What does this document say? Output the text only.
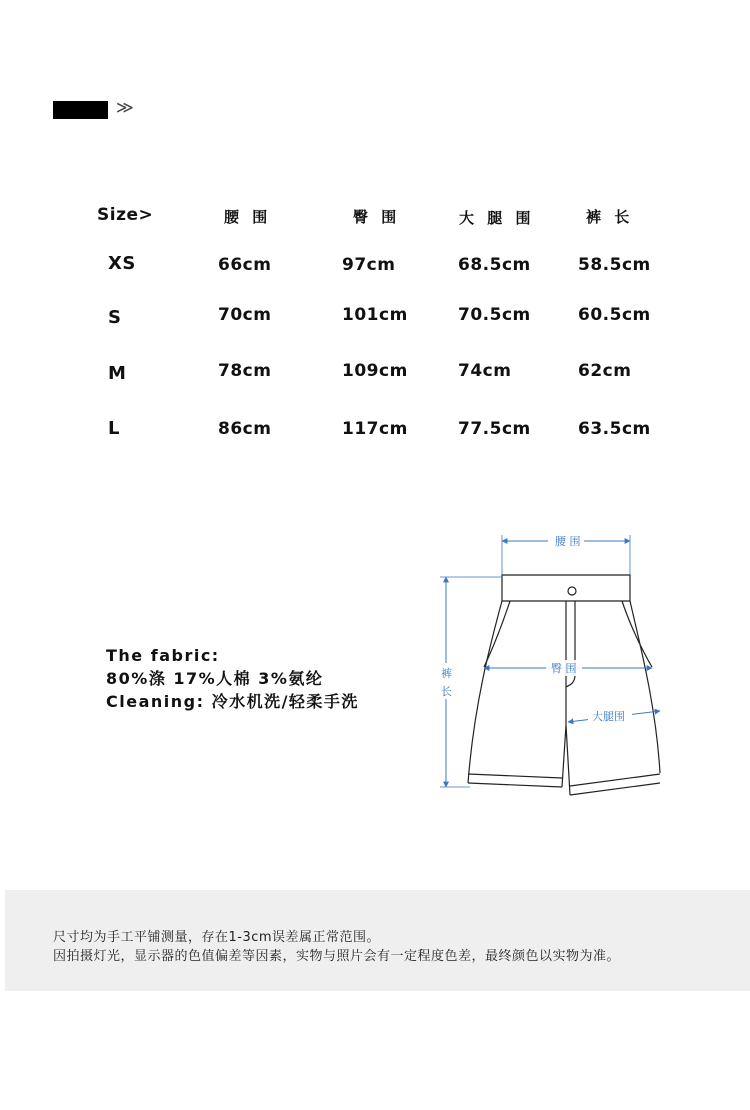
≫
Size>	腰 围	臀 围	大 腿 围	裤 长
XS	66cm	97cm	68.5cm	58.5cm
S	70cm	101cm	70.5cm	60.5cm
M	78cm	109cm	74cm	62cm
L	86cm	117cm	77.5cm	63.5cm
The fabric:
80%涤 17%人棉 3%氨纶
Cleaning: 冷水机洗/轻柔手洗
腰 围
臀 围
大腿围
裤
长
尺寸均为手工平铺测量，存在1-3cm误差属正常范围。
因拍摄灯光，显示器的色值偏差等因素，实物与照片会有一定程度色差，最终颜色以实物为准。
